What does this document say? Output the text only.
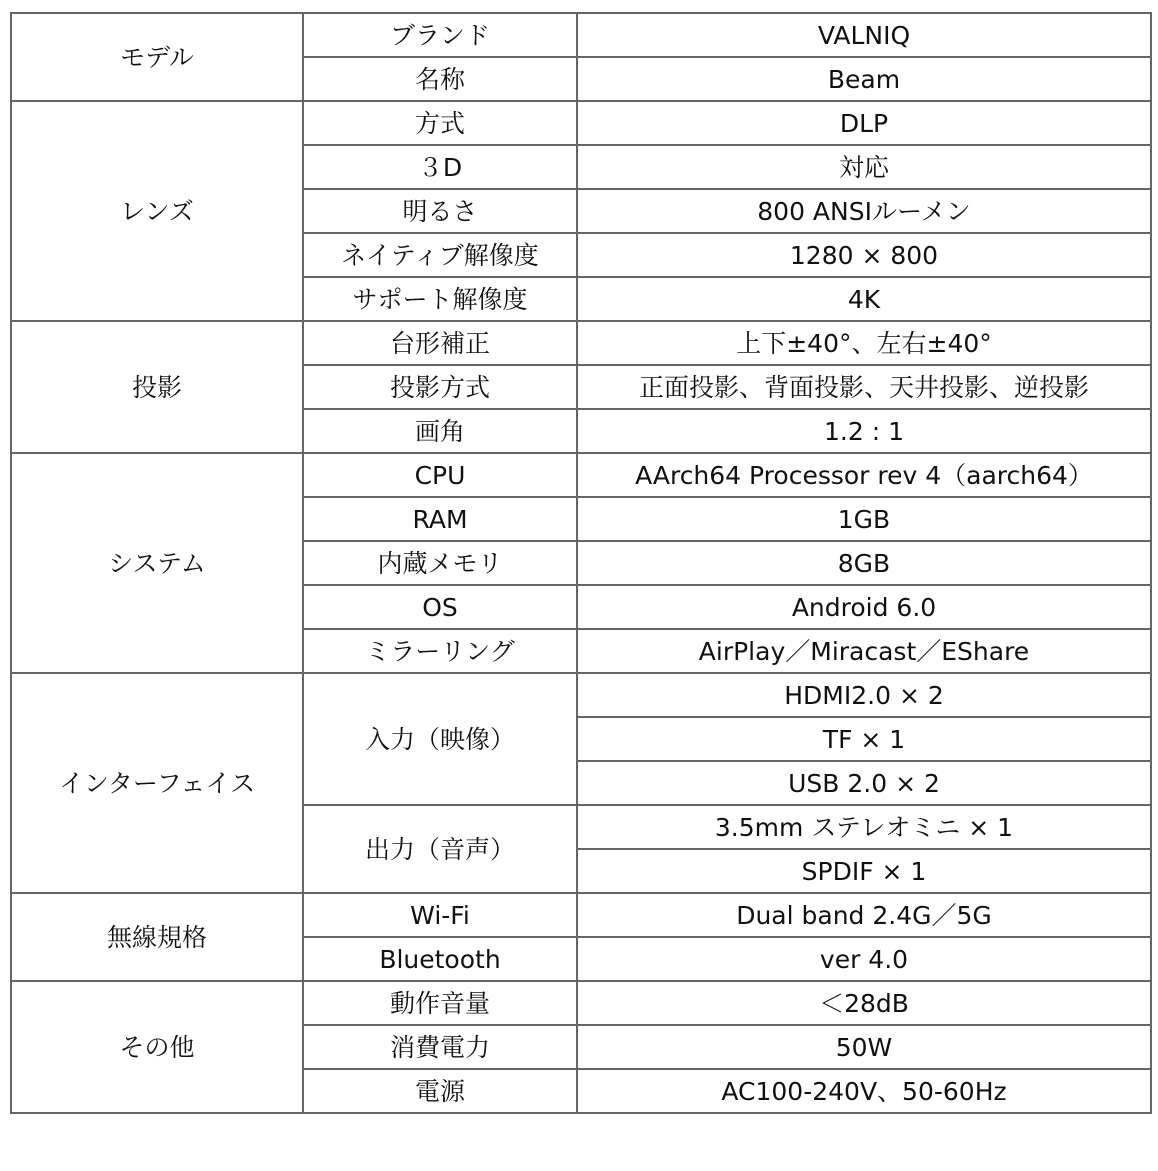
モデル	ブランド	VALNIQ
	名称	Beam
レンズ	方式	DLP
	３D	対応
	明るさ	800 ANSIルーメン
	ネイティブ解像度	1280 × 800
	サポート解像度	4K
投影	台形補正	上下±40°、左右±40°
	投影方式	正面投影、背面投影、天井投影、逆投影
	画角	1.2 : 1
システム	CPU	AArch64 Processor rev 4（aarch64）
	RAM	1GB
	内蔵メモリ	8GB
	OS	Android 6.0
	ミラーリング	AirPlay／Miracast／EShare
インターフェイス	入力（映像）	HDMI2.0 × 2
		TF × 1
		USB 2.0 × 2
	出力（音声）	3.5mm ステレオミニ × 1
		SPDIF × 1
無線規格	Wi-Fi	Dual band 2.4G／5G
	Bluetooth	ver 4.0
その他	動作音量	＜28dB
	消費電力	50W
	電源	AC100-240V、50-60Hz
